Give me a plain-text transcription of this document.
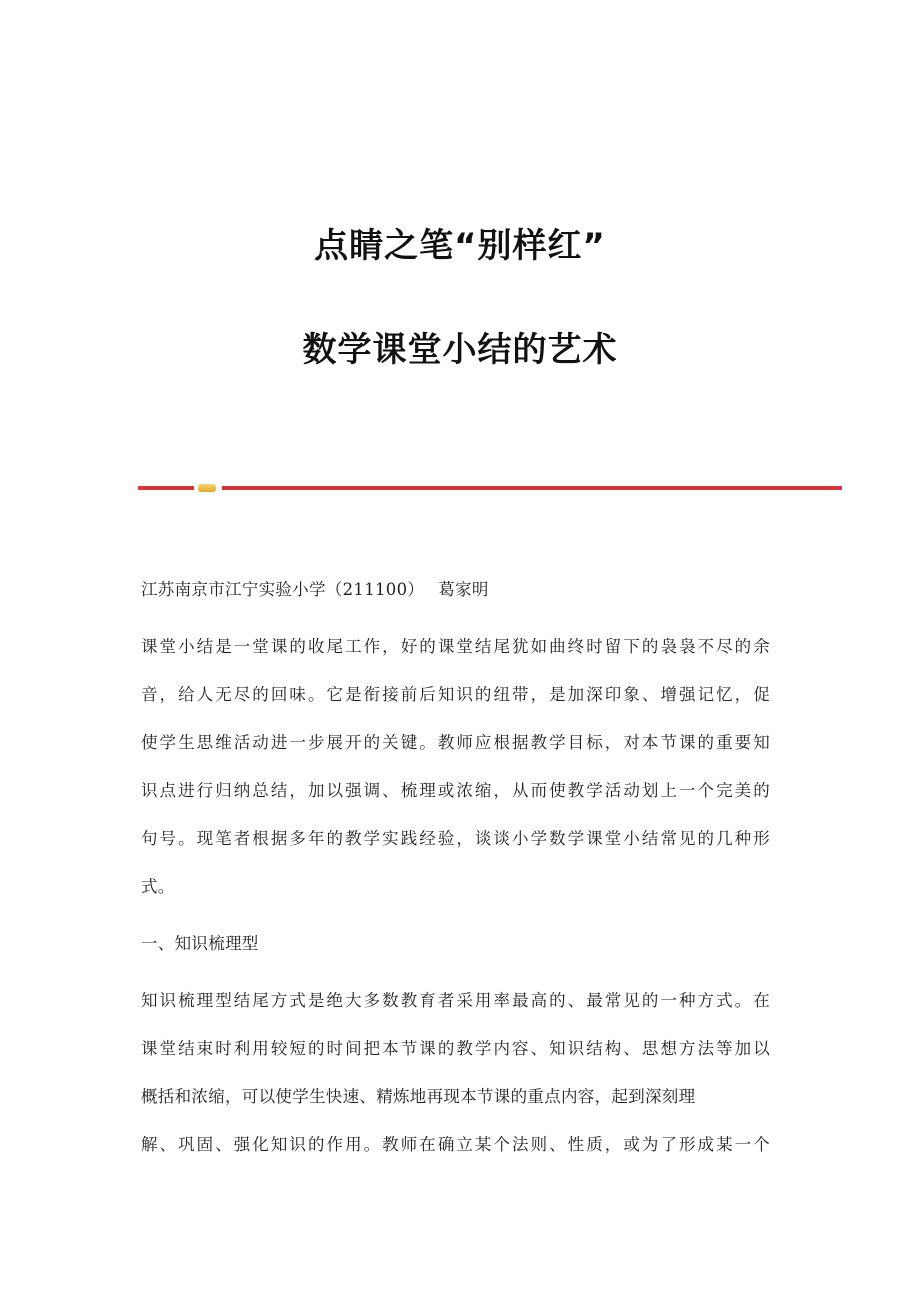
点睛之笔“别样红”
数学课堂小结的艺术
江苏南京市江宁实验小学（211100）　 葛家明
课堂小结是一堂课的收尾工作，好的课堂结尾犹如曲终时留下的袅袅不尽的余
音，给人无尽的回味。它是衔接前后知识的纽带，是加深印象、增强记忆，促
使学生思维活动进一步展开的关键。教师应根据教学目标，对本节课的重要知
识点进行归纳总结，加以强调、梳理或浓缩，从而使教学活动划上一个完美的
句号。现笔者根据多年的教学实践经验，谈谈小学数学课堂小结常见的几种形
式。
一、知识梳理型
知识梳理型结尾方式是绝大多数教育者采用率最高的、最常见的一种方式。在
课堂结束时利用较短的时间把本节课的教学内容、知识结构、思想方法等加以
概括和浓缩，可以使学生快速、精炼地再现本节课的重点内容，起到深刻理
解、巩固、强化知识的作用。教师在确立某个法则、性质，或为了形成某一个
